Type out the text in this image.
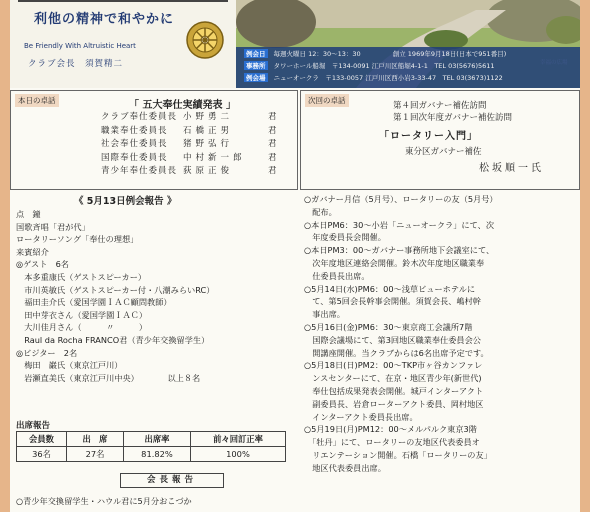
利他の精神で和やかに
Be Friendly With Altruistic Heart
クラブ会長　須賀精二
例会日 毎週火曜日 12：30～13：30	創立 1969年9月18日(日本で951番目)
事務所 タワーホール船堀　〒134-0091 江戸川区船堀4-1-1　TEL 03(5676)5611
例会場 ニューオークラ　〒133-0057 江戸川区西小岩3-33-47　TEL 03(3673)1122
本日の卓話	「 五大奉仕実績発表 」
クラブ奉仕委員長 小野勇二	君
職業奉仕委員長	石橋正男	君
社会奉仕委員長	猪野弘行	君
国際奉仕委員長	中村新一郎	君
青少年奉仕委員長 荻原正俊	君
次回の卓話
第４回ガバナー補佐訪問
第１回次年度ガバナー補佐訪問
「ロータリー入門」
東分区ガバナー補佐
松坂順一氏
《 5月13日例会報告 》
点　鐘
国歌斉唱「君が代」
ロータリーソング「奉仕の理想」
来賓紹介
◎ゲスト　6名
　本多重康氏（ゲストスピーカー）
　市川英敏氏（ゲストスピーカー付・八潮みらいRC）
　福田圭介氏（愛国学園ＩＡＣ顧問教師）
　田中芽衣さん（愛国学園ＩＡＣ）
　大川佳月さん（　　　〃　　　）
　Raul da Rocha FRANCO君（青少年交換留学生）
◎ビジター　2名
　梅田　巌氏（東京江戸川）
　岩瀬直美氏（東京江戸川中央）　　　　以上８名
出席報告
会員数	出　席	出席率	前々回訂正率
36名	27名	81.82%	100%
会長報告
○青少年交換留学生・ハウル君に5月分おこづか
○ガバナー月信（5月号）、ロータリーの友（5月号）
　配布。
○本日PM6：30～小岩「ニューオークラ」にて、次
　年度委員長会開催。
○本日PM3：00～ガバナー事務所地下会議室にて、
　次年度地区連絡会開催。鈴木次年度地区職業奉
　仕委員長出席。
○5月14日(水)PM6：00～浅草ビューホテルに
　て、第5回会長幹事会開催。須賀会長、嶋村幹
　事出席。
○5月16日(金)PM6：30～東京商工会議所7階
　国際会議場にて、第3回地区職業奉仕委員会公
　開講座開催。当クラブからは6名出席予定です。
○5月18日(日)PM2：00～TKP市ヶ谷カンファレ
　ンスセンターにて、在京・地区青少年(新世代)
　奉仕包括成果発表会開催。城戸インターアクト
　副委員長、岩倉ローターアクト委員、岡村地区
　インターアクト委員長出席。
○5月19日(月)PM12：00～メルパルク東京3階
　「牡丹」にて、ロータリーの友地区代表委員オ
　リエンテーション開催。石橋「ロータリーの友」
　地区代表委員出席。
